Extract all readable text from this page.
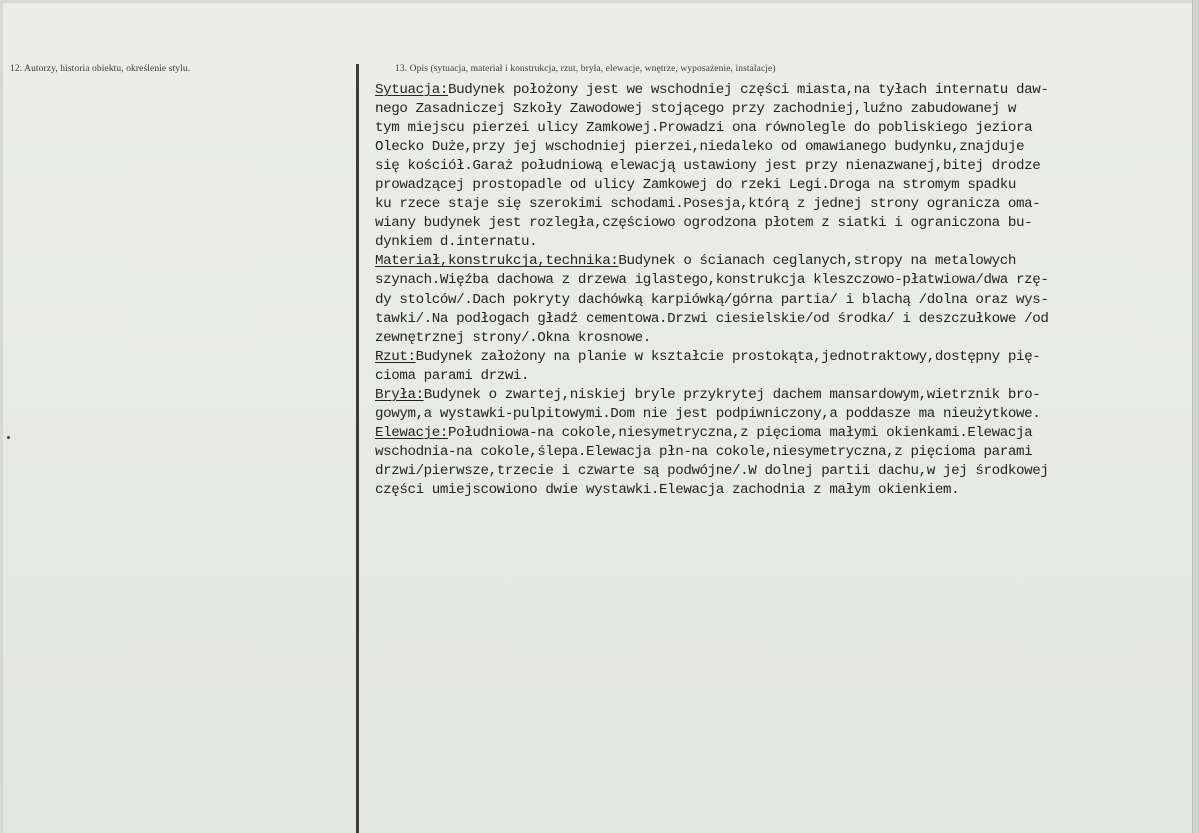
12. Autorzy, historia obiektu, określenie stylu.	13. Opis (sytuacja, materiał i konstrukcja, rzut, bryła, elewacje, wnętrze, wyposażenie, instalacje)
Sytuacja:Budynek położony jest we wschodniej części miasta,na tyłach internatu daw-
nego Zasadniczej Szkoły Zawodowej stojącego przy zachodniej,luźno zabudowanej w
tym miejscu pierzei ulicy Zamkowej.Prowadzi ona równolegle do pobliskiego jeziora
Olecko Duże,przy jej wschodniej pierzei,niedaleko od omawianego budynku,znajduje
się kościół.Garaż południową elewacją ustawiony jest przy nienazwanej,bitej drodze
prowadzącej prostopadle od ulicy Zamkowej do rzeki Legi.Droga na stromym spadku
ku rzece staje się szerokimi schodami.Posesja,którą z jednej strony ogranicza oma-
wiany budynek jest rozległa,częściowo ogrodzona płotem z siatki i ograniczona bu-
dynkiem d.internatu.
Materiał,konstrukcja,technika:Budynek o ścianach ceglanych,stropy na metalowych
szynach.Więźba dachowa z drzewa iglastego,konstrukcja kleszczowo-płatwiowa/dwa rzę-
dy stolców/.Dach pokryty dachówką karpiówką/górna partia/ i blachą /dolna oraz wys-
tawki/.Na podłogach gładź cementowa.Drzwi ciesielskie/od środka/ i deszczułkowe /od
zewnętrznej strony/.Okna krosnowe.
Rzut:Budynek założony na planie w kształcie prostokąta,jednotraktowy,dostępny pię-
cioma parami drzwi.
Bryła:Budynek o zwartej,niskiej bryle przykrytej dachem mansardowym,wietrznik bro-
gowym,a wystawki-pulpitowymi.Dom nie jest podpiwniczony,a poddasze ma nieużytkowe.
Elewacje:Południowa-na cokole,niesymetryczna,z pięcioma małymi okienkami.Elewacja
wschodnia-na cokole,ślepa.Elewacja płn-na cokole,niesymetryczna,z pięcioma parami
drzwi/pierwsze,trzecie i czwarte są podwójne/.W dolnej partii dachu,w jej środkowej
części umiejscowiono dwie wystawki.Elewacja zachodnia z małym okienkiem.
